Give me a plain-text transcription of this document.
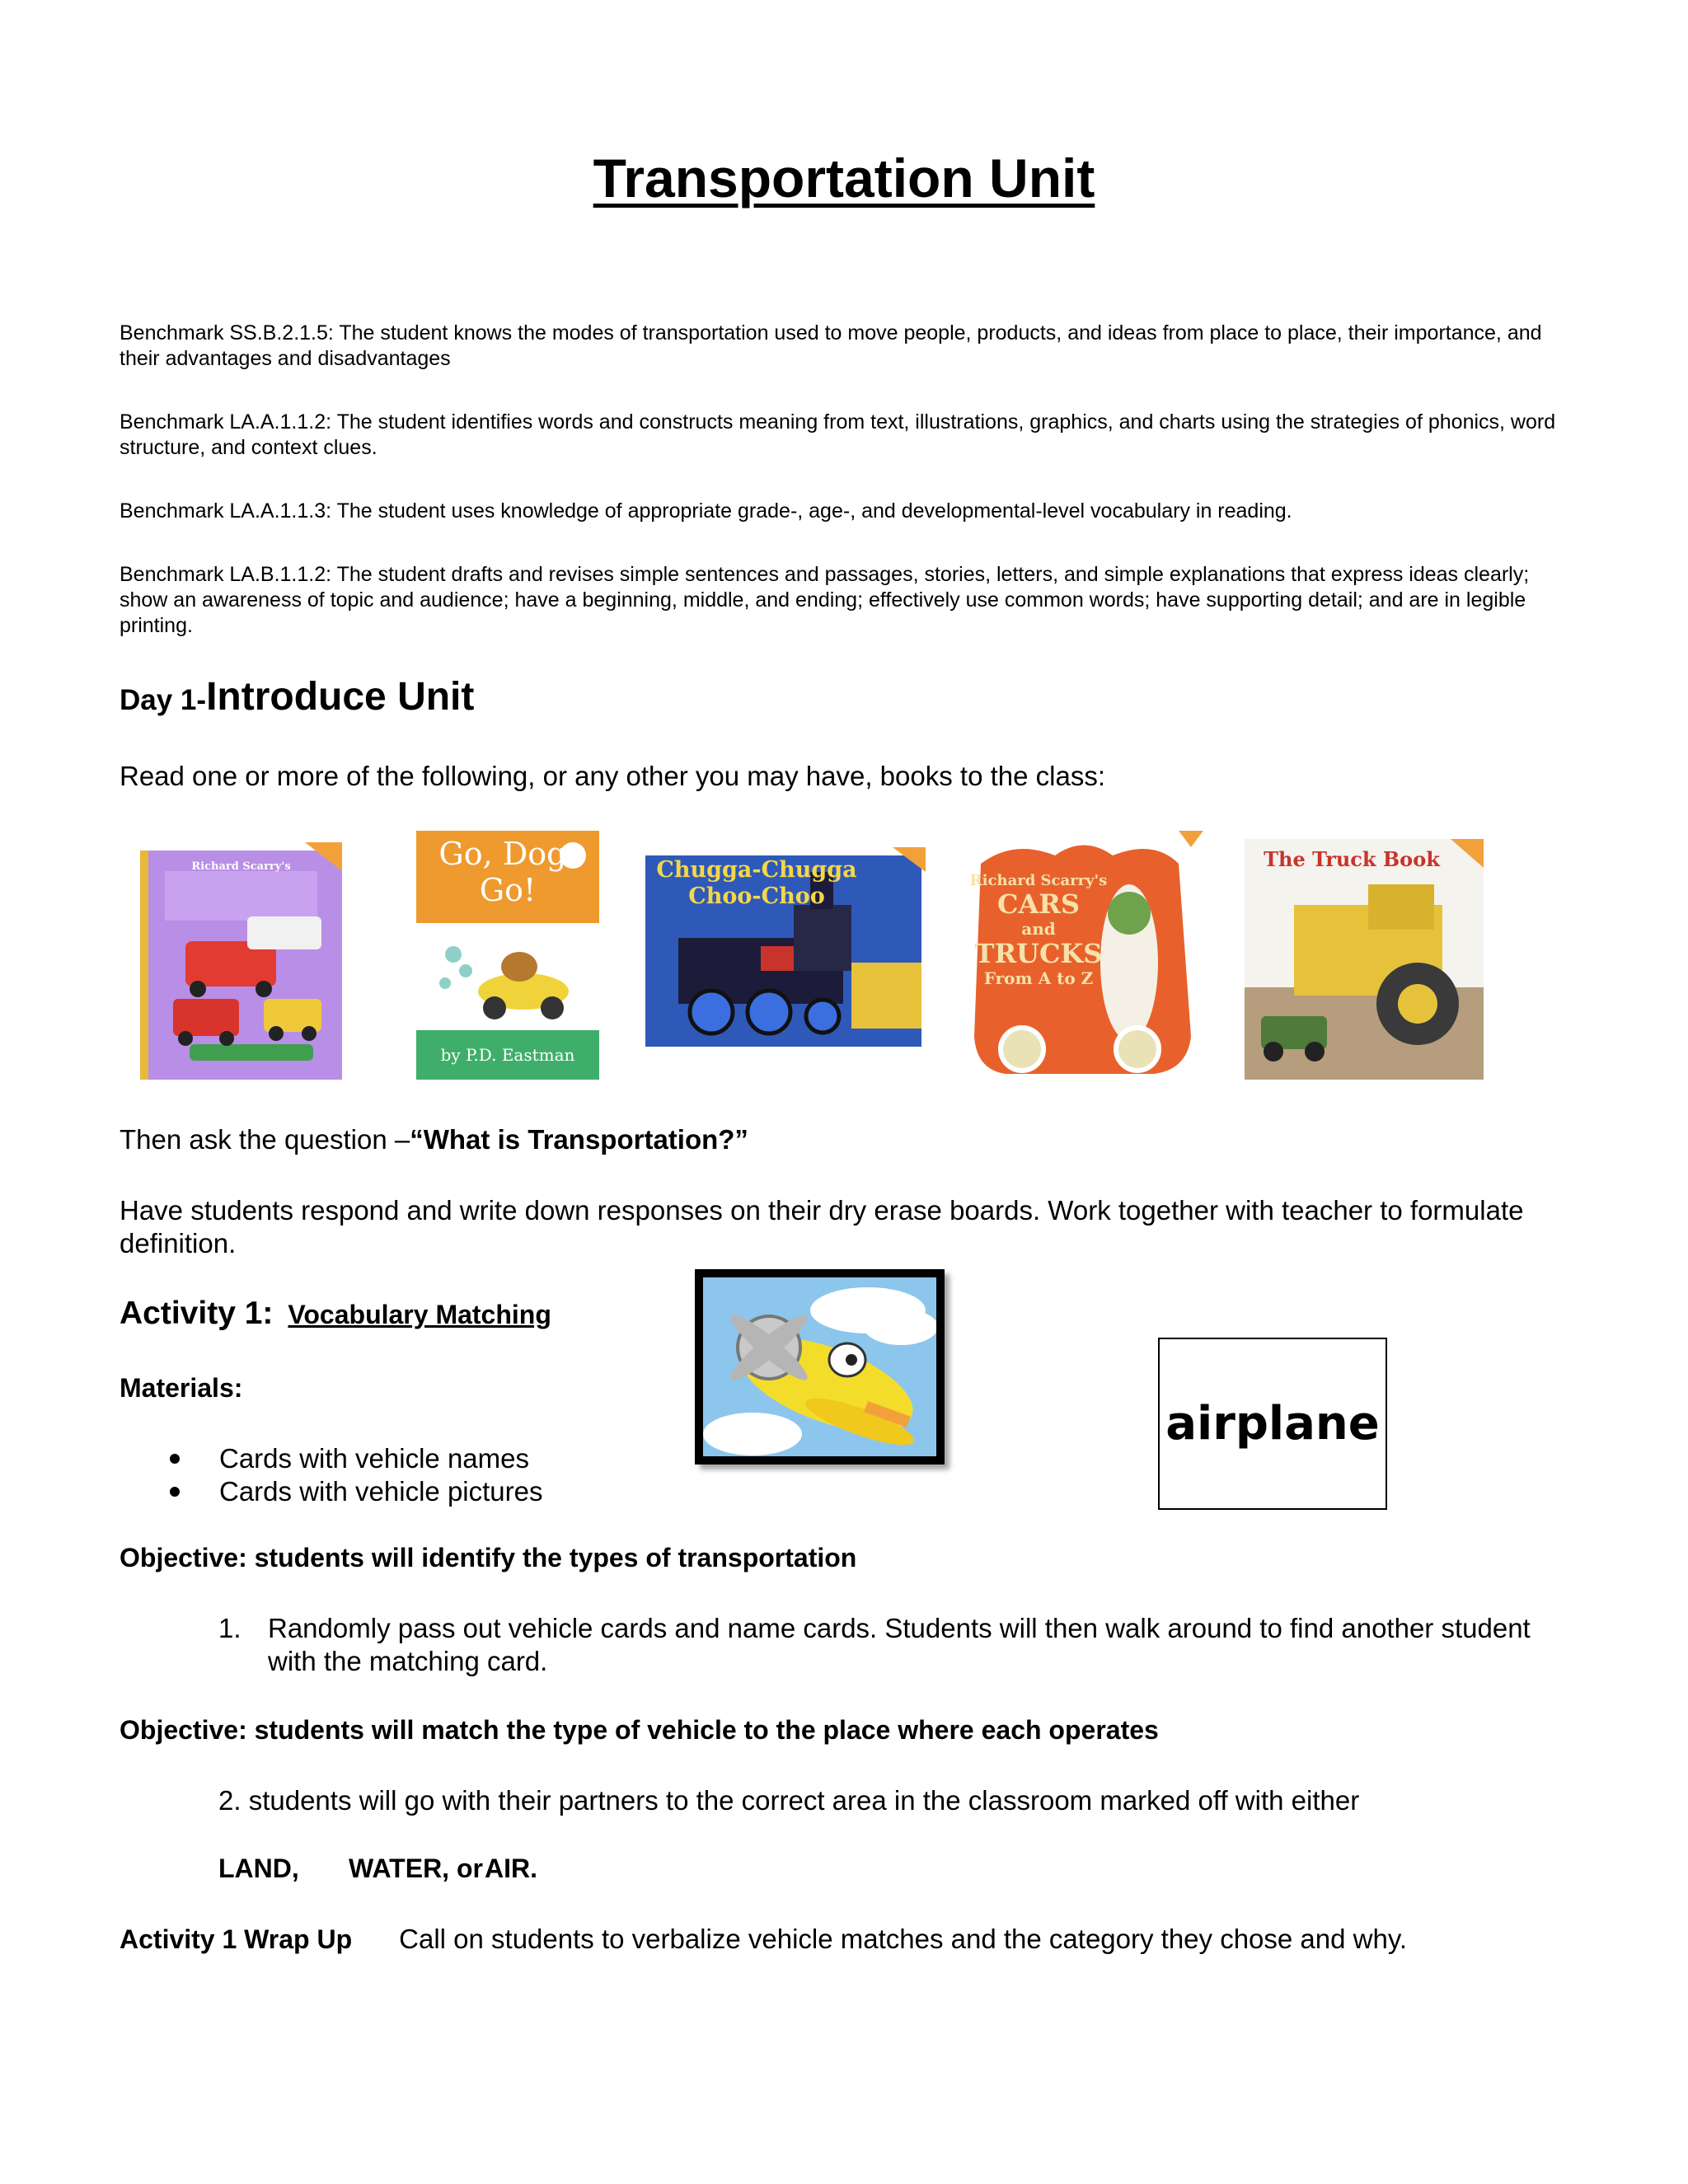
Transportation Unit
Benchmark SS.B.2.1.5: The student knows the modes of transportation used to move people, products, and ideas from place to place, their importance, and their advantages and disadvantages
Benchmark LA.A.1.1.2: The student identifies words and constructs meaning from text, illustrations, graphics, and charts using the strategies of phonics, word structure, and context clues.
Benchmark LA.A.1.1.3: The student uses knowledge of appropriate grade-, age-, and developmental-level vocabulary in reading.
Benchmark LA.B.1.1.2: The student drafts and revises simple sentences and passages, stories, letters, and simple explanations that express ideas clearly; show an awareness of topic and audience; have a beginning, middle, and ending; effectively use common words; have supporting detail; and are in legible printing.
Day 1-Introduce Unit
Read one or more of the following, or any other you may have, books to the class:
Richard Scarry's	Go, Dog.
Go!
by P.D. Eastman
Chugga-Chugga
Choo-Choo
Richard Scarry's
CARS
and
TRUCKS
From A to Z
The Truck Book
Then ask the question –“What is Transportation?”
Have students respond and write down responses on their dry erase boards. Work together with teacher to formulate definition.
Activity 1: Vocabulary Matching
Materials:
Cards with vehicle names
Cards with vehicle pictures
airplane
Objective: students will identify the types of transportation
1. Randomly pass out vehicle cards and name cards. Students will then walk around to find another student with the matching card.
Objective: students will match the type of vehicle to the place where each operates
2. students will go with their partners to the correct area in the classroom marked off with either
LAND, WATER, orAIR.
Activity 1 Wrap Up Call on students to verbalize vehicle matches and the category they chose and why.
